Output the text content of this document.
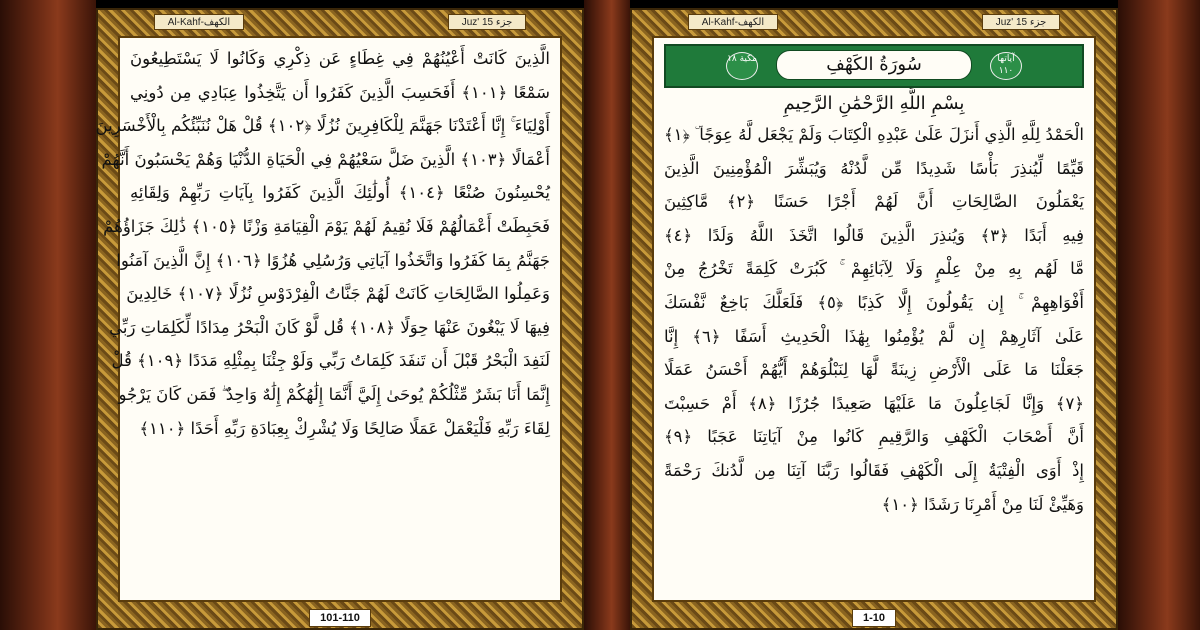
Al-Kahf-الكهف	Juz' 15 جزء
الَّذِينَ كَانَتْ أَعْيُنُهُمْ فِي غِطَاءٍ عَن ذِكْرِي وَكَانُوا لَا يَسْتَطِيعُونَ
سَمْعًا ﴿١٠١﴾ أَفَحَسِبَ الَّذِينَ كَفَرُوا أَن يَتَّخِذُوا عِبَادِي مِن دُونِي
أَوْلِيَاءَ ۚ إِنَّا أَعْتَدْنَا جَهَنَّمَ لِلْكَافِرِينَ نُزُلًا ﴿١٠٢﴾ قُلْ هَلْ نُنَبِّئُكُم بِالْأَخْسَرِينَ
أَعْمَالًا ﴿١٠٣﴾ الَّذِينَ ضَلَّ سَعْيُهُمْ فِي الْحَيَاةِ الدُّنْيَا وَهُمْ يَحْسَبُونَ أَنَّهُمْ
يُحْسِنُونَ صُنْعًا ﴿١٠٤﴾ أُولَٰئِكَ الَّذِينَ كَفَرُوا بِآيَاتِ رَبِّهِمْ وَلِقَائِهِ
فَحَبِطَتْ أَعْمَالُهُمْ فَلَا نُقِيمُ لَهُمْ يَوْمَ الْقِيَامَةِ وَزْنًا ﴿١٠٥﴾ ذَٰلِكَ جَزَاؤُهُمْ
جَهَنَّمُ بِمَا كَفَرُوا وَاتَّخَذُوا آيَاتِي وَرُسُلِي هُزُوًا ﴿١٠٦﴾ إِنَّ الَّذِينَ آمَنُوا
وَعَمِلُوا الصَّالِحَاتِ كَانَتْ لَهُمْ جَنَّاتُ الْفِرْدَوْسِ نُزُلًا ﴿١٠٧﴾ خَالِدِينَ
فِيهَا لَا يَبْغُونَ عَنْهَا حِوَلًا ﴿١٠٨﴾ قُل لَّوْ كَانَ الْبَحْرُ مِدَادًا لِّكَلِمَاتِ رَبِّي
لَنَفِدَ الْبَحْرُ قَبْلَ أَن تَنفَدَ كَلِمَاتُ رَبِّي وَلَوْ جِئْنَا بِمِثْلِهِ مَدَدًا ﴿١٠٩﴾ قُلْ
إِنَّمَا أَنَا بَشَرٌ مِّثْلُكُمْ يُوحَىٰ إِلَيَّ أَنَّمَا إِلَٰهُكُمْ إِلَٰهٌ وَاحِدٌ ۖ فَمَن كَانَ يَرْجُو
لِقَاءَ رَبِّهِ فَلْيَعْمَلْ عَمَلًا صَالِحًا وَلَا يُشْرِكْ بِعِبَادَةِ رَبِّهِ أَحَدًا ﴿١١٠﴾
101-110
Al-Kahf-الكهف	Juz' 15 جزء
مكية ١٨	سُورَةُ الكَهْفِ	آياتها ١١٠
بِسْمِ اللَّهِ الرَّحْمَٰنِ الرَّحِيمِ
الْحَمْدُ لِلَّهِ الَّذِي أَنزَلَ عَلَىٰ عَبْدِهِ الْكِتَابَ وَلَمْ يَجْعَل لَّهُ عِوَجًا ۜ ﴿١﴾
قَيِّمًا لِّيُنذِرَ بَأْسًا شَدِيدًا مِّن لَّدُنْهُ وَيُبَشِّرَ الْمُؤْمِنِينَ الَّذِينَ
يَعْمَلُونَ الصَّالِحَاتِ أَنَّ لَهُمْ أَجْرًا حَسَنًا ﴿٢﴾ مَّاكِثِينَ
فِيهِ أَبَدًا ﴿٣﴾ وَيُنذِرَ الَّذِينَ قَالُوا اتَّخَذَ اللَّهُ وَلَدًا ﴿٤﴾
مَّا لَهُم بِهِ مِنْ عِلْمٍ وَلَا لِآبَائِهِمْ ۚ كَبُرَتْ كَلِمَةً تَخْرُجُ مِنْ
أَفْوَاهِهِمْ ۚ إِن يَقُولُونَ إِلَّا كَذِبًا ﴿٥﴾ فَلَعَلَّكَ بَاخِعٌ نَّفْسَكَ
عَلَىٰ آثَارِهِمْ إِن لَّمْ يُؤْمِنُوا بِهَٰذَا الْحَدِيثِ أَسَفًا ﴿٦﴾ إِنَّا
جَعَلْنَا مَا عَلَى الْأَرْضِ زِينَةً لَّهَا لِنَبْلُوَهُمْ أَيُّهُمْ أَحْسَنُ عَمَلًا
﴿٧﴾ وَإِنَّا لَجَاعِلُونَ مَا عَلَيْهَا صَعِيدًا جُرُزًا ﴿٨﴾ أَمْ حَسِبْتَ
أَنَّ أَصْحَابَ الْكَهْفِ وَالرَّقِيمِ كَانُوا مِنْ آيَاتِنَا عَجَبًا ﴿٩﴾
إِذْ أَوَى الْفِتْيَةُ إِلَى الْكَهْفِ فَقَالُوا رَبَّنَا آتِنَا مِن لَّدُنكَ رَحْمَةً
وَهَيِّئْ لَنَا مِنْ أَمْرِنَا رَشَدًا ﴿١٠﴾
1-10
